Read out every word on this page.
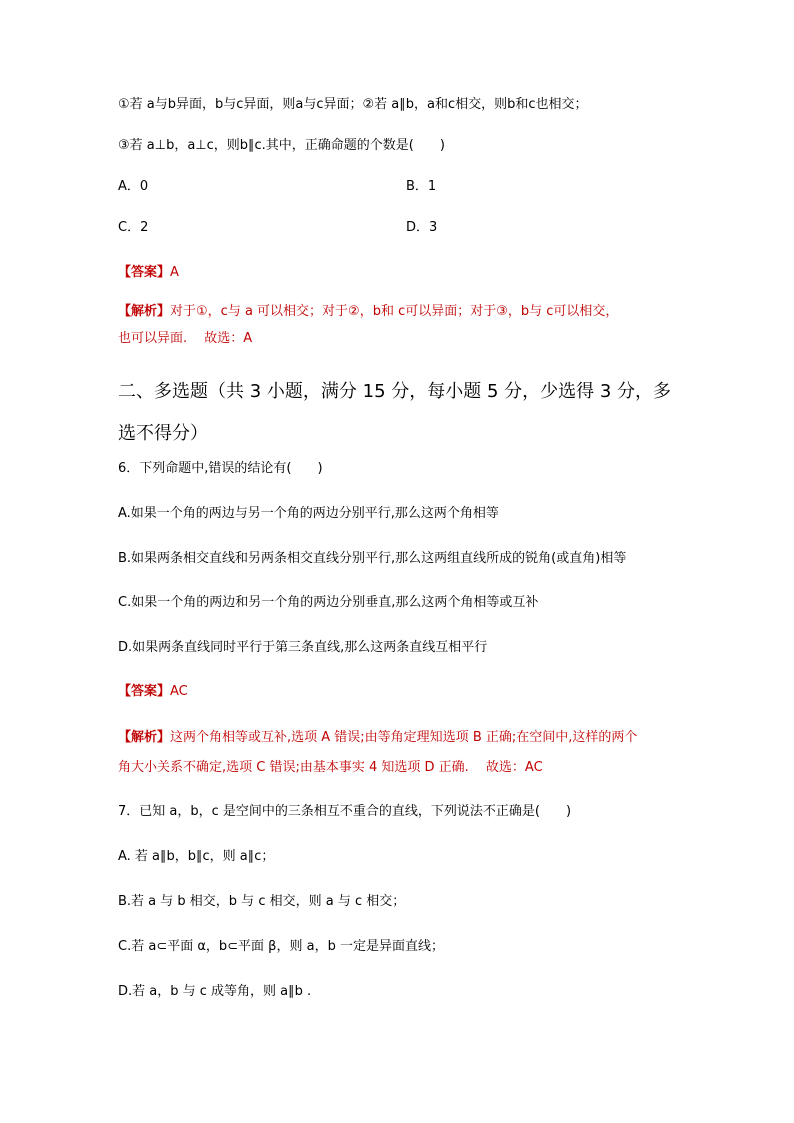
①若 a与b异面，b与c异面，则a与c异面；②若 a∥b，a和c相交，则b和c也相交；
③若 a⊥b，a⊥c，则b∥c.其中，正确命题的个数是(　　)
A．0	B．1
C．2	D．3
【答案】A
【解析】对于①，c与 a 可以相交；对于②，b和 c可以异面；对于③，b与 c可以相交，
也可以异面.　 故选：A
二、多选题（共 3 小题，满分 15 分，每小题 5 分，少选得 3 分，多
选不得分）
6．下列命题中,错误的结论有(　　)
A.如果一个角的两边与另一个角的两边分别平行,那么这两个角相等
B.如果两条相交直线和另两条相交直线分别平行,那么这两组直线所成的锐角(或直角)相等
C.如果一个角的两边和另一个角的两边分别垂直,那么这两个角相等或互补
D.如果两条直线同时平行于第三条直线,那么这两条直线互相平行
【答案】AC
【解析】这两个角相等或互补,选项 A 错误;由等角定理知选项 B 正确;在空间中,这样的两个
角大小关系不确定,选项 C 错误;由基本事实 4 知选项 D 正确.　 故选：AC
7．已知 a，b，c 是空间中的三条相互不重合的直线，下列说法不正确是(　　)
A. 若 a∥b，b∥c，则 a∥c；
B.若 a 与 b 相交，b 与 c 相交，则 a 与 c 相交；
C.若 a⊂平面 α，b⊂平面 β，则 a，b 一定是异面直线；
D.若 a，b 与 c 成等角，则 a∥b .
